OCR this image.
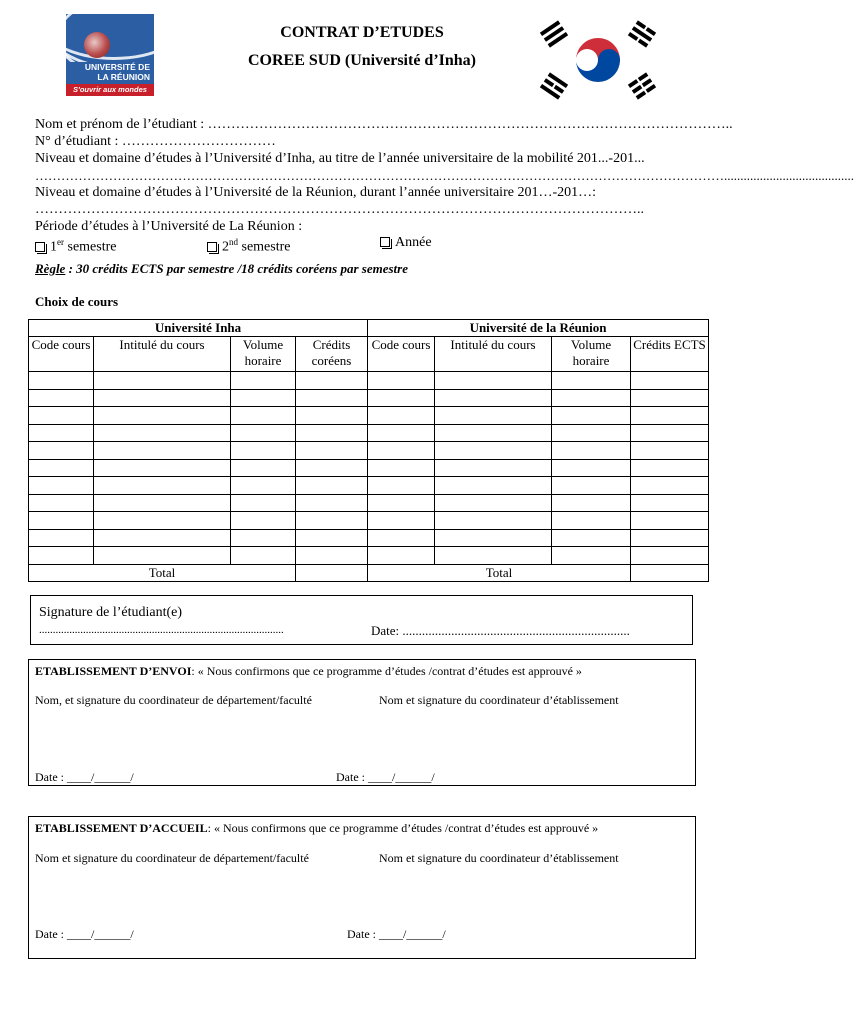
UNIVERSITÉ DE
LA RÉUNION
S'ouvrir aux mondes
CONTRAT D’ETUDES
COREE SUD (Université d’Inha)
Nom et prénom de l’étudiant : …………………………………………………………………………………………………..
N° d’étudiant : ……………………………
Niveau et domaine d’études à l’Université d’Inha, au titre de l’année universitaire de la mobilité 201...-201...
……………………………………………………………………………………………………………………………………………........................................
Niveau et domaine d’études à l’Université de la Réunion, durant l’année universitaire 201…-201…:
…………………………………………………………………………………………………………………..
Période d’études à l’Université de La Réunion :
1er semestre	2nd semestre	Année
Règle : 30 crédits ECTS par semestre /18 crédits coréens par semestre
Choix de cours
Université Inha				Université de la Réunion			
Code cours	Intitulé du cours	Volume horaire	Crédits coréens	Code cours	Intitulé du cours	Volume horaire	Crédits ECTS

Total				Total			
Signature de l’étudiant(e)
.........................................................................................	Date: ......................................................................
ETABLISSEMENT D’ENVOI: « Nous confirmons que ce programme d’études /contrat d’études est approuvé »
Nom, et signature du coordinateur de département/faculté	Nom et signature du coordinateur d’établissement
Date : ____/______/	Date : ____/______/
ETABLISSEMENT D’ACCUEIL: « Nous confirmons que ce programme d’études /contrat d’études est approuvé »
Nom et signature du coordinateur de département/faculté	Nom et signature du coordinateur d’établissement
Date : ____/______/	Date : ____/______/
